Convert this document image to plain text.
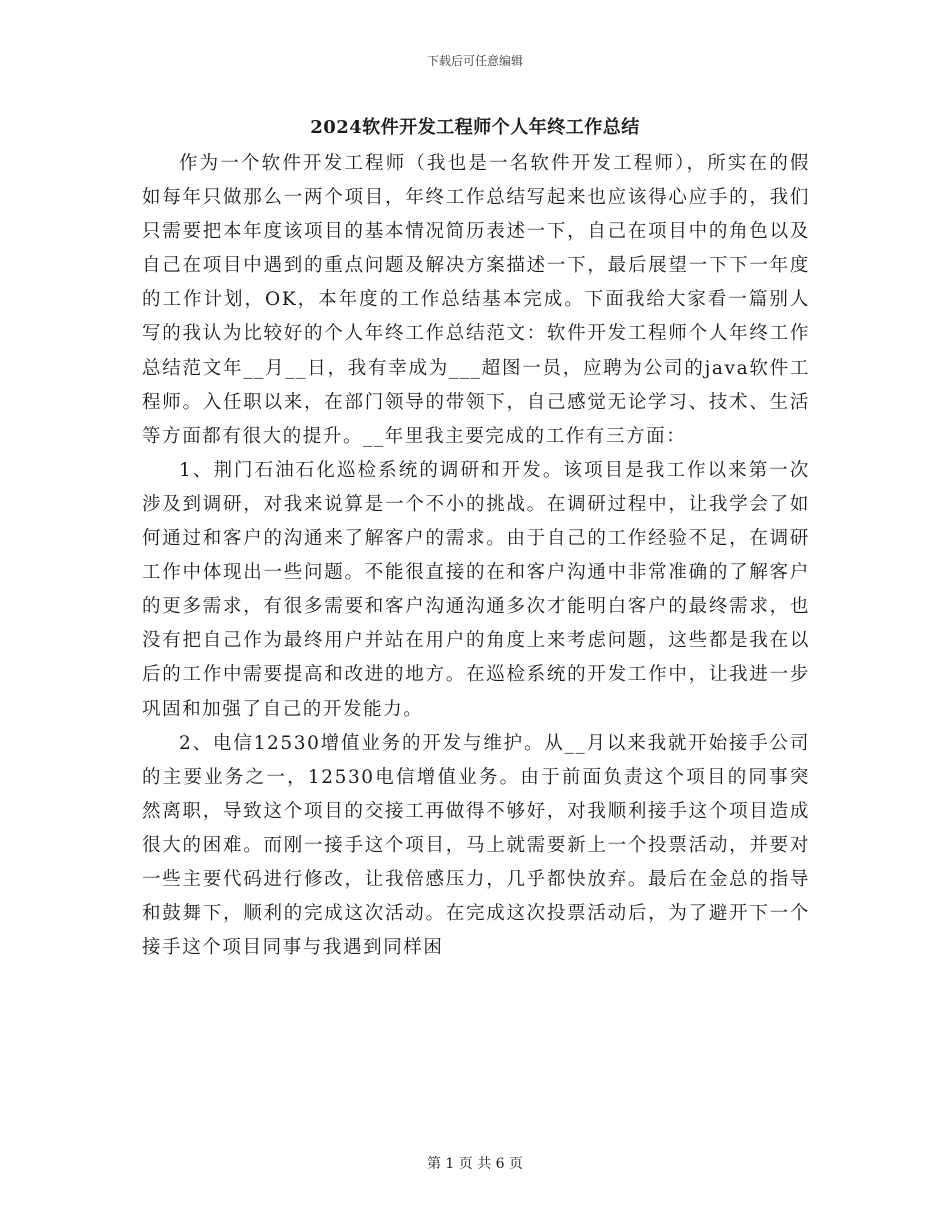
下载后可任意编辑
2024软件开发工程师个人年终工作总结

作为一个软件开发工程师（我也是一名软件开发工程师），所实在的假如每年只做那么一两个项目，年终工作总结写起来也应该得心应手的，我们只需要把本年度该项目的基本情况简历表述一下，自己在项目中的角色以及自己在项目中遇到的重点问题及解决方案描述一下，最后展望一下下一年度的工作计划，OK，本年度的工作总结基本完成。下面我给大家看一篇别人写的我认为比较好的个人年终工作总结范文：软件开发工程师个人年终工作总结范文年__月__日，我有幸成为___超图一员，应聘为公司的java软件工程师。入任职以来，在部门领导的带领下，自己感觉无论学习、技术、生活等方面都有很大的提升。__年里我主要完成的工作有三方面：

1、荆门石油石化巡检系统的调研和开发。该项目是我工作以来第一次涉及到调研，对我来说算是一个不小的挑战。在调研过程中，让我学会了如何通过和客户的沟通来了解客户的需求。由于自己的工作经验不足，在调研工作中体现出一些问题。不能很直接的在和客户沟通中非常准确的了解客户的更多需求，有很多需要和客户沟通沟通多次才能明白客户的最终需求，也没有把自己作为最终用户并站在用户的角度上来考虑问题，这些都是我在以后的工作中需要提高和改进的地方。在巡检系统的开发工作中，让我进一步巩固和加强了自己的开发能力。

2、电信12530增值业务的开发与维护。从__月以来我就开始接手公司的主要业务之一，12530电信增值业务。由于前面负责这个项目的同事突然离职，导致这个项目的交接工再做得不够好，对我顺利接手这个项目造成很大的困难。而刚一接手这个项目，马上就需要新上一个投票活动，并要对一些主要代码进行修改，让我倍感压力，几乎都快放弃。最后在金总的指导和鼓舞下，顺利的完成这次活动。在完成这次投票活动后，为了避开下一个接手这个项目同事与我遇到同样困

第 1 页 共 6 页
